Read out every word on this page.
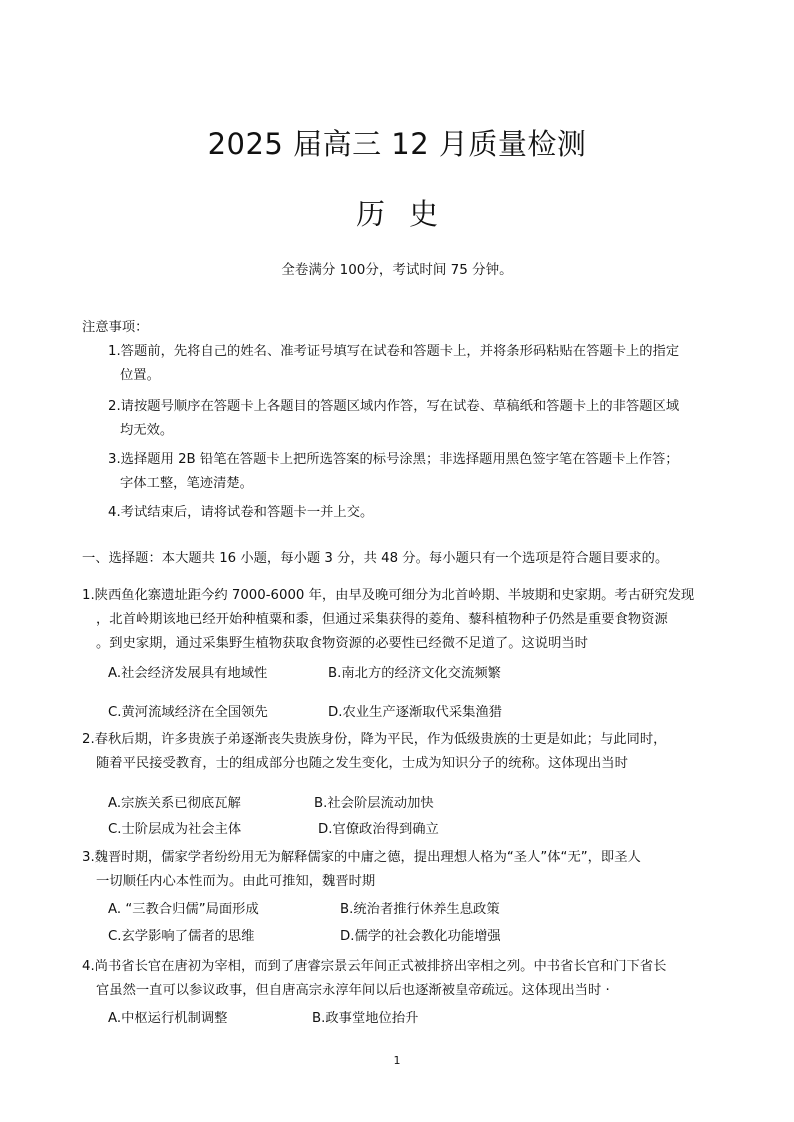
2025 届高三 12 月质量检测
历史
全卷满分 100分，考试时间 75 分钟。
注意事项：
1.答题前，先将自己的姓名、准考证号填写在试卷和答题卡上，并将条形码粘贴在答题卡上的指定
位置。
2.请按题号顺序在答题卡上各题目的答题区域内作答，写在试卷、草稿纸和答题卡上的非答题区域
均无效。
3.选择题用 2B 铅笔在答题卡上把所选答案的标号涂黑；非选择题用黑色签字笔在答题卡上作答；
字体工整，笔迹清楚。
4.考试结束后，请将试卷和答题卡一并上交。
一、选择题：本大题共 16 小题，每小题 3 分，共 48 分。每小题只有一个选项是符合题目要求的。
1.陕西鱼化寨遗址距今约 7000-6000 年，由早及晚可细分为北首岭期、半坡期和史家期。考古研究发现
，北首岭期该地已经开始种植粟和黍，但通过采集获得的菱角、藜科植物种子仍然是重要食物资源
。到史家期，通过采集野生植物获取食物资源的必要性已经微不足道了。这说明当时
A.社会经济发展具有地域性	B.南北方的经济文化交流频繁
C.黄河流域经济在全国领先	D.农业生产逐渐取代采集渔猎
2.春秋后期，许多贵族子弟逐渐丧失贵族身份，降为平民，作为低级贵族的士更是如此；与此同时，
随着平民接受教育，士的组成部分也随之发生变化，士成为知识分子的统称。这体现出当时
A.宗族关系已彻底瓦解	B.社会阶层流动加快
C.士阶层成为社会主体	D.官僚政治得到确立
3.魏晋时期，儒家学者纷纷用无为解释儒家的中庸之德，提出理想人格为“圣人”体“无”，即圣人
一切顺任内心本性而为。由此可推知，魏晋时期
A. “三教合归儒”局面形成	B.统治者推行休养生息政策
C.玄学影响了儒者的思维	D.儒学的社会教化功能增强
4.尚书省长官在唐初为宰相，而到了唐睿宗景云年间正式被排挤出宰相之列。中书省长官和门下省长
官虽然一直可以参议政事，但自唐高宗永淳年间以后也逐渐被皇帝疏远。这体现出当时 ·
A.中枢运行机制调整	B.政事堂地位抬升
1
